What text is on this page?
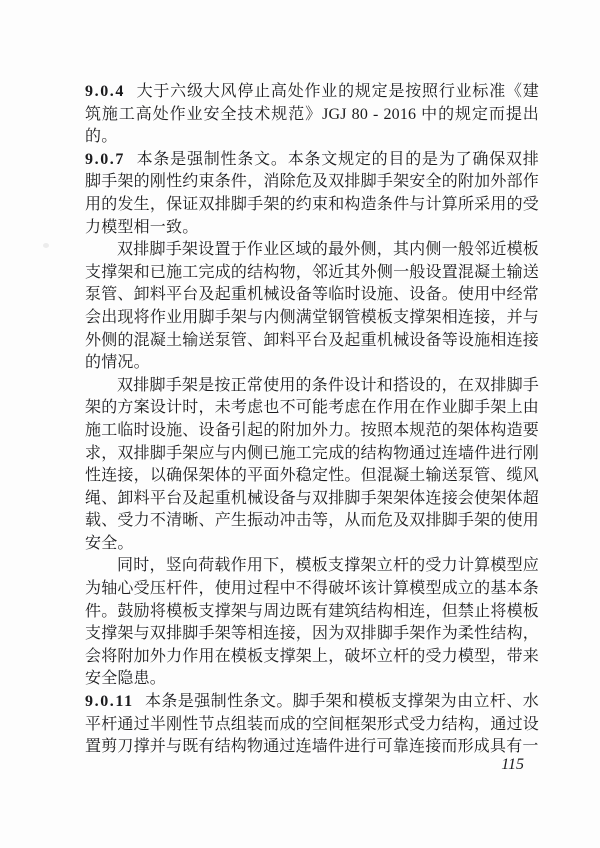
9.0.4 大于六级大风停止高处作业的规定是按照行业标准《建筑施工高处作业安全技术规范》JGJ 80 - 2016 中的规定而提出的。

9.0.7 本条是强制性条文。本条文规定的目的是为了确保双排脚手架的刚性约束条件，消除危及双排脚手架安全的附加外部作用的发生，保证双排脚手架的约束和构造条件与计算所采用的受力模型相一致。

双排脚手架设置于作业区域的最外侧，其内侧一般邻近模板支撑架和已施工完成的结构物，邻近其外侧一般设置混凝土输送泵管、卸料平台及起重机械设备等临时设施、设备。使用中经常会出现将作业用脚手架与内侧满堂钢管模板支撑架相连接，并与外侧的混凝土输送泵管、卸料平台及起重机械设备等设施相连接的情况。

双排脚手架是按正常使用的条件设计和搭设的，在双排脚手架的方案设计时，未考虑也不可能考虑在作用在作业脚手架上由施工临时设施、设备引起的附加外力。按照本规范的架体构造要求，双排脚手架应与内侧已施工完成的结构物通过连墙件进行刚性连接，以确保架体的平面外稳定性。但混凝土输送泵管、缆风绳、卸料平台及起重机械设备与双排脚手架架体连接会使架体超载、受力不清晰、产生振动冲击等，从而危及双排脚手架的使用安全。

同时，竖向荷载作用下，模板支撑架立杆的受力计算模型应为轴心受压杆件，使用过程中不得破坏该计算模型成立的基本条件。鼓励将模板支撑架与周边既有建筑结构相连，但禁止将模板支撑架与双排脚手架等相连接，因为双排脚手架作为柔性结构，会将附加外力作用在模板支撑架上，破坏立杆的受力模型，带来安全隐患。

9.0.11 本条是强制性条文。脚手架和模板支撑架为由立杆、水平杆通过半刚性节点组装而成的空间框架形式受力结构，通过设置剪刀撑并与既有结构物通过连墙件进行可靠连接而形成具有一

115
